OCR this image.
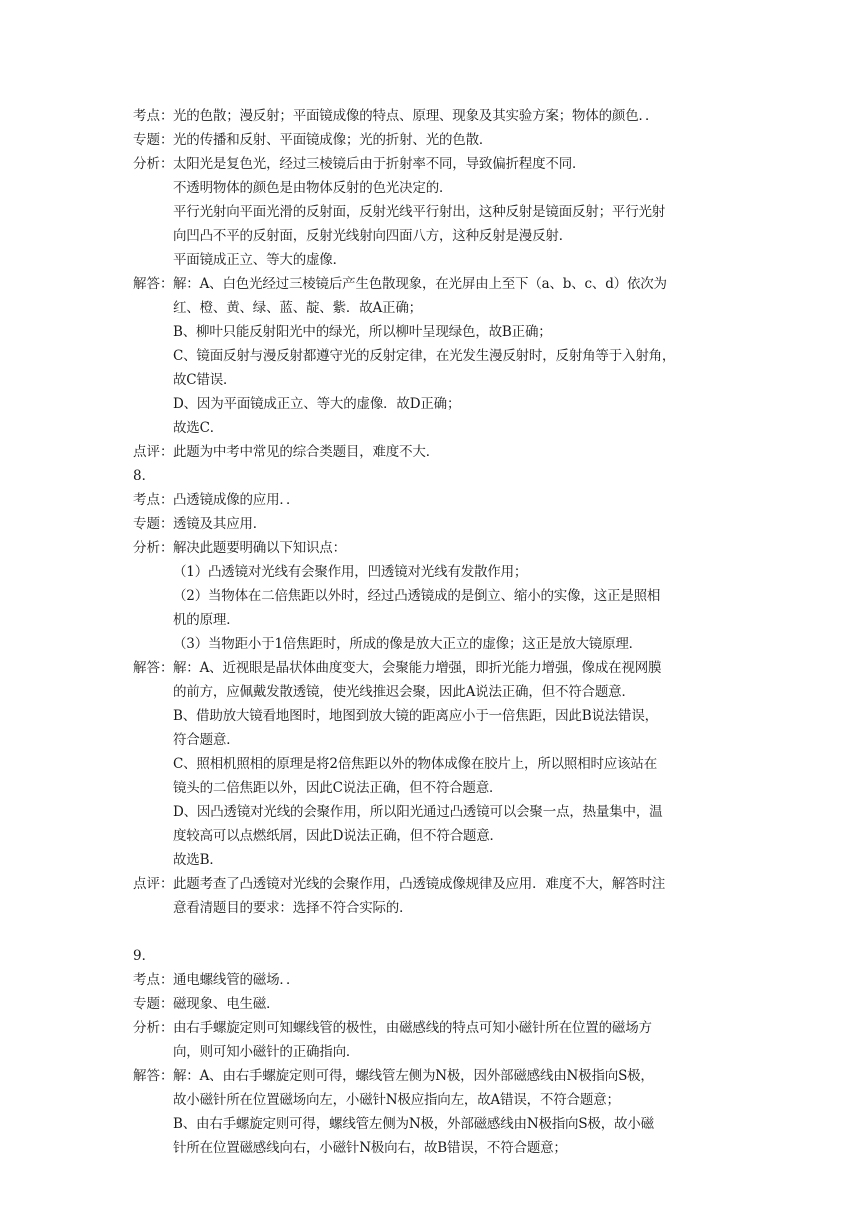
考点： 光的色散；漫反射；平面镜成像的特点、原理、现象及其实验方案；物体的颜色．．
专题： 光的传播和反射、平面镜成像；光的折射、光的色散．
分析： 太阳光是复色光，经过三棱镜后由于折射率不同，导致偏折程度不同．
不透明物体的颜色是由物体反射的色光决定的．
平行光射向平面光滑的反射面，反射光线平行射出，这种反射是镜面反射；平行光射
向凹凸不平的反射面，反射光线射向四面八方，这种反射是漫反射．
平面镜成正立、等大的虚像．
解答： 解：A、白色光经过三棱镜后产生色散现象，在光屏由上至下（a、b、c、d）依次为
红、橙、黄、绿、蓝、靛、紫．故A正确；
B、柳叶只能反射阳光中的绿光，所以柳叶呈现绿色，故B正确；
C、镜面反射与漫反射都遵守光的反射定律，在光发生漫反射时，反射角等于入射角，
故C错误．
D、因为平面镜成正立、等大的虚像．故D正确；
故选C．
点评： 此题为中考中常见的综合类题目，难度不大．
8．
考点： 凸透镜成像的应用．．
专题： 透镜及其应用．
分析： 解决此题要明确以下知识点：
（1）凸透镜对光线有会聚作用，凹透镜对光线有发散作用；
（2）当物体在二倍焦距以外时，经过凸透镜成的是倒立、缩小的实像，这正是照相
机的原理．
（3）当物距小于1倍焦距时，所成的像是放大正立的虚像；这正是放大镜原理．
解答： 解：A、近视眼是晶状体曲度变大，会聚能力增强，即折光能力增强，像成在视网膜
的前方，应佩戴发散透镜，使光线推迟会聚，因此A说法正确，但不符合题意．
B、借助放大镜看地图时，地图到放大镜的距离应小于一倍焦距，因此B说法错误，
符合题意．
C、照相机照相的原理是将2倍焦距以外的物体成像在胶片上，所以照相时应该站在
镜头的二倍焦距以外，因此C说法正确，但不符合题意．
D、因凸透镜对光线的会聚作用，所以阳光通过凸透镜可以会聚一点，热量集中，温
度较高可以点燃纸屑，因此D说法正确，但不符合题意．
故选B．
点评： 此题考查了凸透镜对光线的会聚作用，凸透镜成像规律及应用．难度不大，解答时注
意看清题目的要求：选择不符合实际的．
9．
考点： 通电螺线管的磁场．．
专题： 磁现象、电生磁．
分析： 由右手螺旋定则可知螺线管的极性，由磁感线的特点可知小磁针所在位置的磁场方
向，则可知小磁针的正确指向．
解答： 解：A、由右手螺旋定则可得，螺线管左侧为N极，因外部磁感线由N极指向S极，
故小磁针所在位置磁场向左，小磁针N极应指向左，故A错误，不符合题意；
B、由右手螺旋定则可得，螺线管左侧为N极，外部磁感线由N极指向S极，故小磁
针所在位置磁感线向右，小磁针N极向右，故B错误，不符合题意；
